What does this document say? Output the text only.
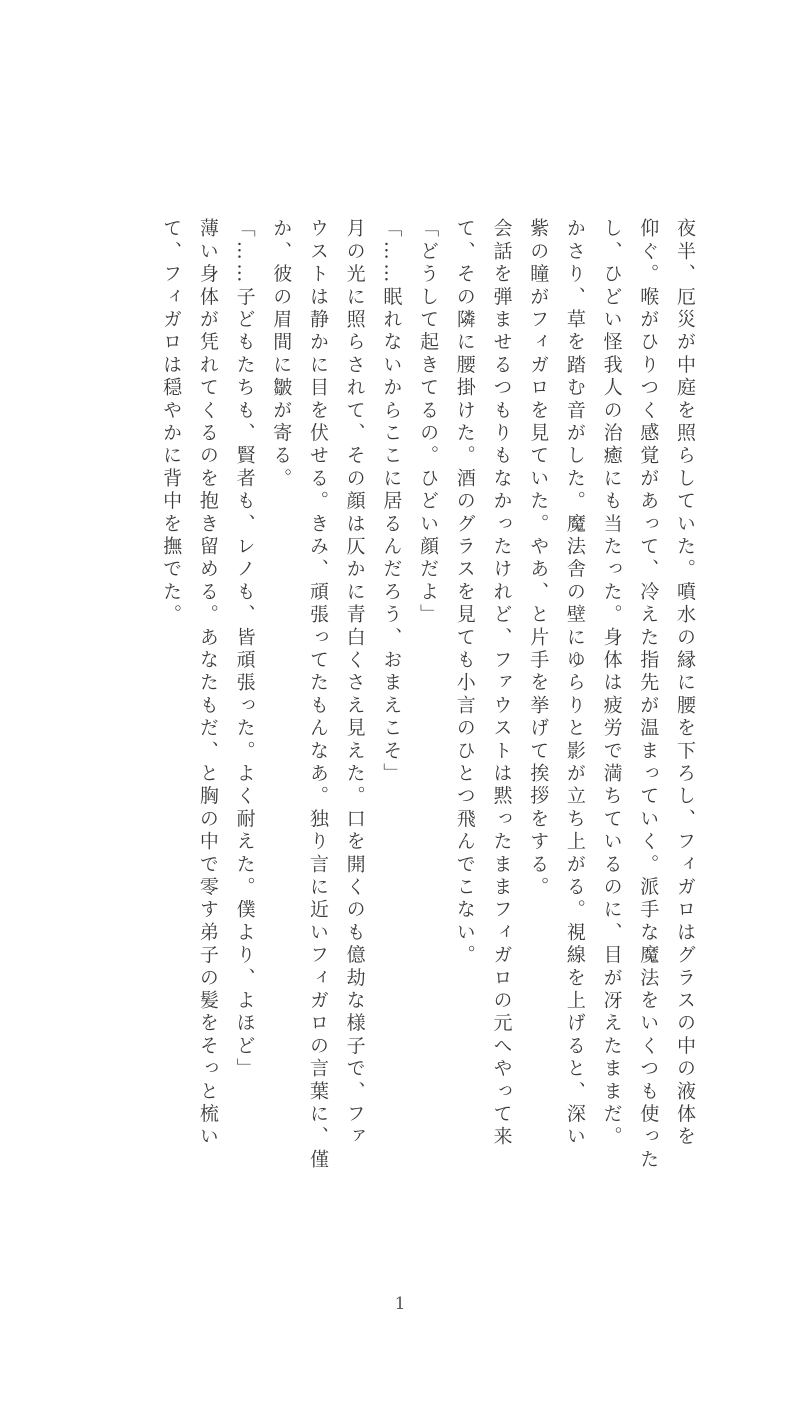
夜半、厄災が中庭を照らしていた。噴水の縁に腰を下ろし、フィガロはグラスの中の液体を

仰ぐ。喉がひりつく感覚があって、冷えた指先が温まっていく。派手な魔法をいくつも使った

し、ひどい怪我人の治癒にも当たった。身体は疲労で満ちているのに、目が冴えたままだ。

かさり、草を踏む音がした。魔法舎の壁にゆらりと影が立ち上がる。視線を上げると、深い

紫の瞳がフィガロを見ていた。やあ、と片手を挙げて挨拶をする。

会話を弾ませるつもりもなかったけれど、ファウストは黙ったままフィガロの元へやって来

て、その隣に腰掛けた。酒のグラスを見ても小言のひとつ飛んでこない。

「どうして起きてるの。ひどい顔だよ」

「……眠れないからここに居るんだろう、おまえこそ」

月の光に照らされて、その顔は仄かに青白くさえ見えた。口を開くのも億劫な様子で、ファ

ウストは静かに目を伏せる。きみ、頑張ってたもんなあ。独り言に近いフィガロの言葉に、僅

か、彼の眉間に皺が寄る。

「……子どもたちも、賢者も、レノも、皆頑張った。よく耐えた。僕より、よほど」

薄い身体が凭れてくるのを抱き留める。あなたもだ、と胸の中で零す弟子の髪をそっと梳い

て、フィガロは穏やかに背中を撫でた。

1
